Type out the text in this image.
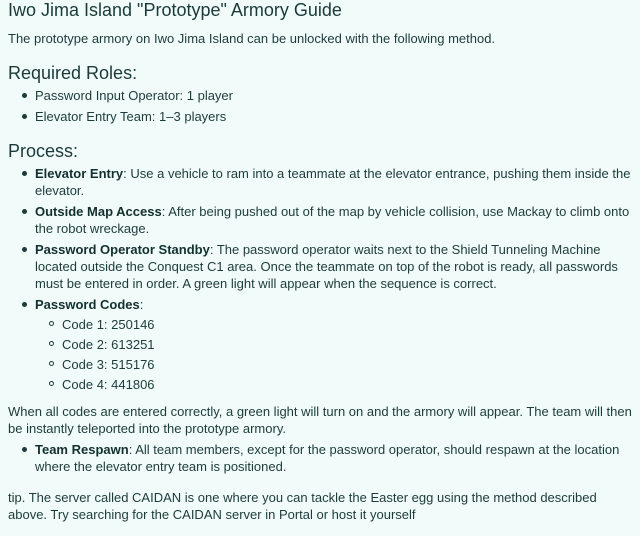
Iwo Jima Island "Prototype" Armory Guide

The prototype armory on Iwo Jima Island can be unlocked with the following method.

Required Roles:
Password Input Operator: 1 player
Elevator Entry Team: 1–3 players
Process:
Elevator Entry: Use a vehicle to ram into a teammate at the elevator entrance, pushing them inside the elevator.
Outside Map Access: After being pushed out of the map by vehicle collision, use Mackay to climb onto the robot wreckage.
Password Operator Standby: The password operator waits next to the Shield Tunneling Machine located outside the Conquest C1 area. Once the teammate on top of the robot is ready, all passwords must be entered in order. A green light will appear when the sequence is correct.
Password Codes:
Code 1: 250146
Code 2: 613251
Code 3: 515176
Code 4: 441806

When all codes are entered correctly, a green light will turn on and the armory will appear. The team will then be instantly teleported into the prototype armory.

Team Respawn: All team members, except for the password operator, should respawn at the location where the elevator entry team is positioned.

tip. The server called CAIDAN is one where you can tackle the Easter egg using the method described above. Try searching for the CAIDAN server in Portal or host it yourself
